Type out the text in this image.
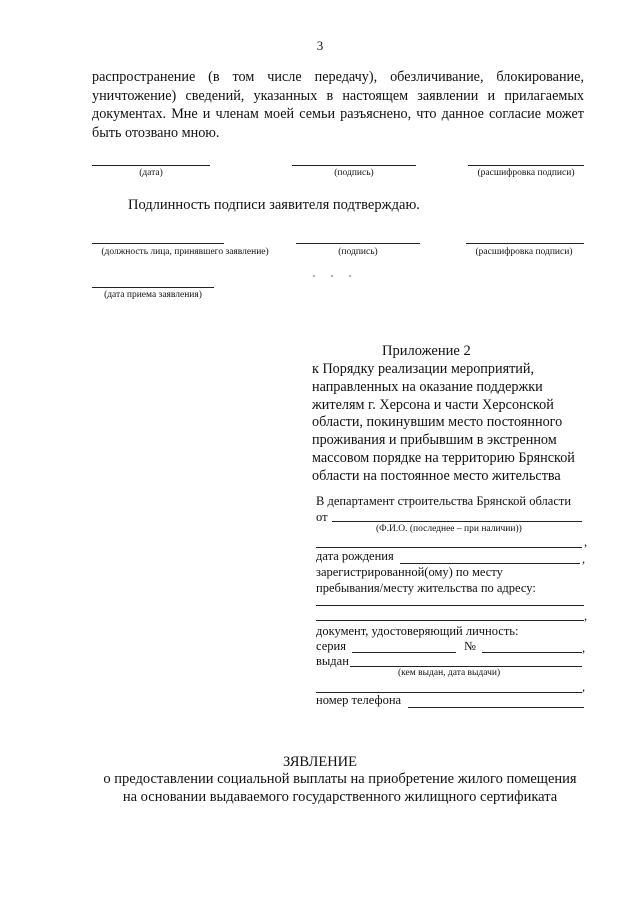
3
распространение (в том числе передачу), обезличивание, блокирование, уничтожение) сведений, указанных в настоящем заявлении и прилагаемых документах. Мне и членам моей семьи разъяснено, что данное согласие может быть отозвано мною.
(дата)	(подпись)	(расшифровка подписи)
Подлинность подписи заявителя подтверждаю.
(должность лица, принявшего заявление)	(подпись)	(расшифровка подписи)
(дата приема заявления)
Приложение 2
к Порядку реализации мероприятий,
направленных на оказание поддержки
жителям г. Херсона и части Херсонской
области, покинувшим место постоянного
проживания и прибывшим в экстренном
массовом порядке на территорию Брянской
области на постоянное место жительства
В департамент строительства Брянской области
от
(Ф.И.О. (последнее – при наличии))
,
дата рождения	,
зарегистрированной(ому) по месту
пребывания/месту жительства по адресу:
,
документ, удостоверяющий личность:
серия	№	,
выдан
(кем выдан, дата выдачи)
,
номер телефона
ЗЯВЛЕНИЕ
о предоставлении социальной выплаты на приобретение жилого помещения
на основании выдаваемого государственного жилищного сертификата
